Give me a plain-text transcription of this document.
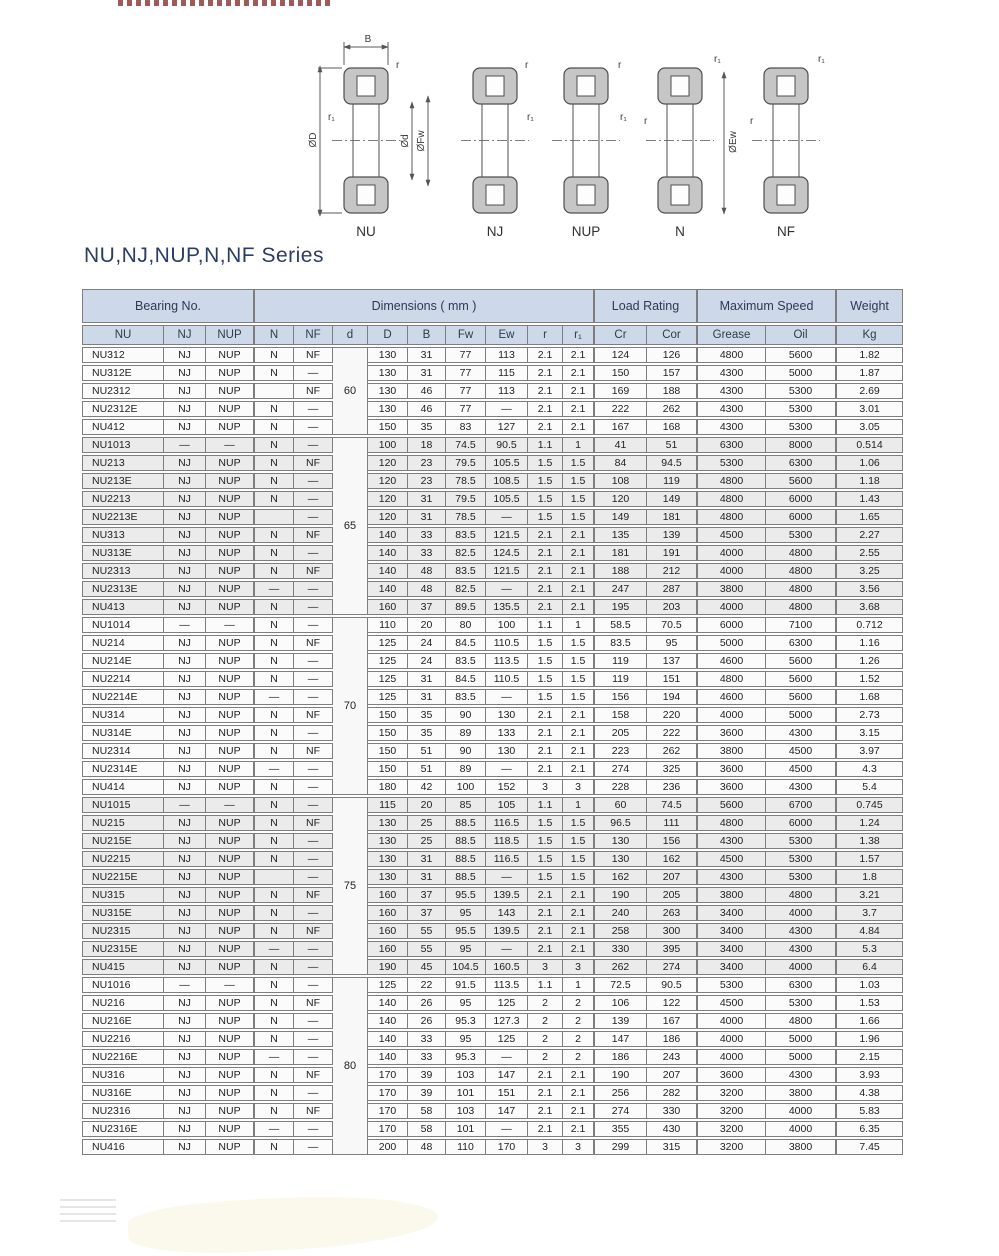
B
r
r₁
ØD	Ød ØFw
NU
r
r₁
NJ
r
r₁
NUP
r₁
r
ØEw
N
r₁
r
NF
NU,NJ,NUP,N,NF Series
Bearing No.			Dimensions ( mm )									Load Rating		Maximum Speed		Weight
NU	NJ	NUP	N	NF	d	D	B	Fw	Ew	r	r₁	Cr	Cor	Grease	Oil	Kg
NU312	NJ	NUP	N	NF	60	130	31	77	113	2.1	2.1	124	126	4800	5600	1.82
NU312E	NJ	NUP	N	—		130	31	77	115	2.1	2.1	150	157	4300	5000	1.87
NU2312	NJ	NUP		NF		130	46	77	113	2.1	2.1	169	188	4300	5300	2.69
NU2312E	NJ	NUP	N	—		130	46	77	—	2.1	2.1	222	262	4300	5300	3.01
NU412	NJ	NUP	N	—		150	35	83	127	2.1	2.1	167	168	4300	5300	3.05
NU1013	—	—	N	—	65	100	18	74.5	90.5	1.1	1	41	51	6300	8000	0.514
NU213	NJ	NUP	N	NF		120	23	79.5	105.5	1.5	1.5	84	94.5	5300	6300	1.06
NU213E	NJ	NUP	N	—		120	23	78.5	108.5	1.5	1.5	108	119	4800	5600	1.18
NU2213	NJ	NUP	N	—		120	31	79.5	105.5	1.5	1.5	120	149	4800	6000	1.43
NU2213E	NJ	NUP		—		120	31	78.5	—	1.5	1.5	149	181	4800	6000	1.65
NU313	NJ	NUP	N	NF		140	33	83.5	121.5	2.1	2.1	135	139	4500	5300	2.27
NU313E	NJ	NUP	N	—		140	33	82.5	124.5	2.1	2.1	181	191	4000	4800	2.55
NU2313	NJ	NUP	N	NF		140	48	83.5	121.5	2.1	2.1	188	212	4000	4800	3.25
NU2313E	NJ	NUP	—	—		140	48	82.5	—	2.1	2.1	247	287	3800	4800	3.56
NU413	NJ	NUP	N	—		160	37	89.5	135.5	2.1	2.1	195	203	4000	4800	3.68
NU1014	—	—	N	—	70	110	20	80	100	1.1	1	58.5	70.5	6000	7100	0.712
NU214	NJ	NUP	N	NF		125	24	84.5	110.5	1.5	1.5	83.5	95	5000	6300	1.16
NU214E	NJ	NUP	N	—		125	24	83.5	113.5	1.5	1.5	119	137	4600	5600	1.26
NU2214	NJ	NUP	N	—		125	31	84.5	110.5	1.5	1.5	119	151	4800	5600	1.52
NU2214E	NJ	NUP	—	—		125	31	83.5	—	1.5	1.5	156	194	4600	5600	1.68
NU314	NJ	NUP	N	NF		150	35	90	130	2.1	2.1	158	220	4000	5000	2.73
NU314E	NJ	NUP	N	—		150	35	89	133	2.1	2.1	205	222	3600	4300	3.15
NU2314	NJ	NUP	N	NF		150	51	90	130	2.1	2.1	223	262	3800	4500	3.97
NU2314E	NJ	NUP	—	—		150	51	89	—	2.1	2.1	274	325	3600	4500	4.3
NU414	NJ	NUP	N	—		180	42	100	152	3	3	228	236	3600	4300	5.4
NU1015	—	—	N	—	75	115	20	85	105	1.1	1	60	74.5	5600	6700	0.745
NU215	NJ	NUP	N	NF		130	25	88.5	116.5	1.5	1.5	96.5	111	4800	6000	1.24
NU215E	NJ	NUP	N	—		130	25	88.5	118.5	1.5	1.5	130	156	4300	5300	1.38
NU2215	NJ	NUP	N	—		130	31	88.5	116.5	1.5	1.5	130	162	4500	5300	1.57
NU2215E	NJ	NUP		—		130	31	88.5	—	1.5	1.5	162	207	4300	5300	1.8
NU315	NJ	NUP	N	NF		160	37	95.5	139.5	2.1	2.1	190	205	3800	4800	3.21
NU315E	NJ	NUP	N	—		160	37	95	143	2.1	2.1	240	263	3400	4000	3.7
NU2315	NJ	NUP	N	NF		160	55	95.5	139.5	2.1	2.1	258	300	3400	4300	4.84
NU2315E	NJ	NUP	—	—		160	55	95	—	2.1	2.1	330	395	3400	4300	5.3
NU415	NJ	NUP	N	—		190	45	104.5	160.5	3	3	262	274	3400	4000	6.4
NU1016	—	—	N	—	80	125	22	91.5	113.5	1.1	1	72.5	90.5	5300	6300	1.03
NU216	NJ	NUP	N	NF		140	26	95	125	2	2	106	122	4500	5300	1.53
NU216E	NJ	NUP	N	—		140	26	95.3	127.3	2	2	139	167	4000	4800	1.66
NU2216	NJ	NUP	N	—		140	33	95	125	2	2	147	186	4000	5000	1.96
NU2216E	NJ	NUP	—	—		140	33	95.3	—	2	2	186	243	4000	5000	2.15
NU316	NJ	NUP	N	NF		170	39	103	147	2.1	2.1	190	207	3600	4300	3.93
NU316E	NJ	NUP	N	—		170	39	101	151	2.1	2.1	256	282	3200	3800	4.38
NU2316	NJ	NUP	N	NF		170	58	103	147	2.1	2.1	274	330	3200	4000	5.83
NU2316E	NJ	NUP	—	—		170	58	101	—	2.1	2.1	355	430	3200	4000	6.35
NU416	NJ	NUP	N	—		200	48	110	170	3	3	299	315	3200	3800	7.45
